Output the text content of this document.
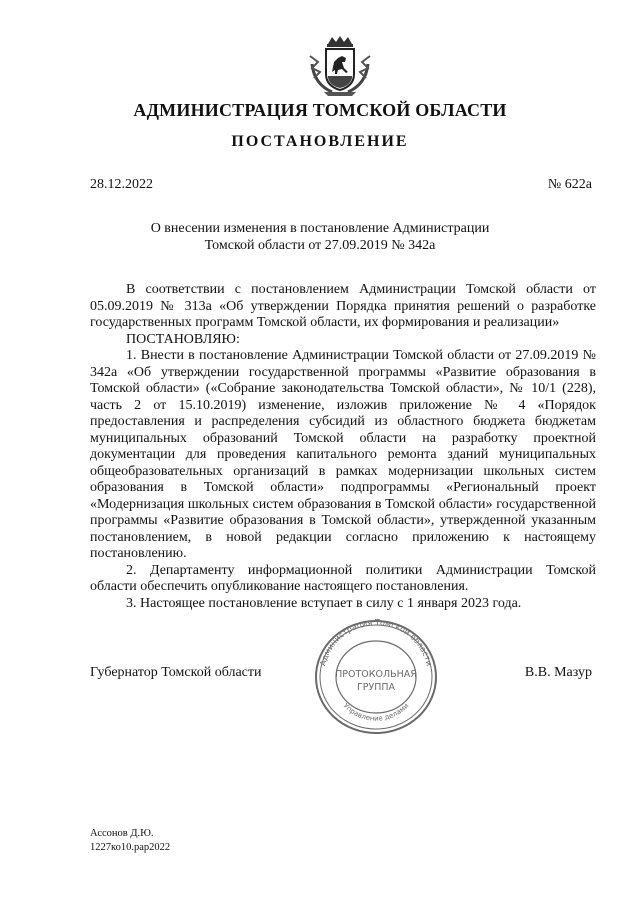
АДМИНИСТРАЦИЯ ТОМСКОЙ ОБЛАСТИ
ПОСТАНОВЛЕНИЕ
28.12.2022	№ 622а
О внесении изменения в постановление Администрации
Томской области от 27.09.2019 № 342а

В соответствии с постановлением Администрации Томской области от 05.09.2019 № 313а «Об утверждении Порядка принятия решений о разработке государственных программ Томской области, их формирования и реализации»

ПОСТАНОВЛЯЮ:

1. Внести в постановление Администрации Томской области от 27.09.2019 № 342а «Об утверждении государственной программы «Развитие образования в Томской области» («Собрание законодательства Томской области», № 10/1 (228), часть 2 от 15.10.2019) изменение, изложив приложение № 4 «Порядок предоставления и распределения субсидий из областного бюджета бюджетам муниципальных образований Томской области на разработку проектной документации для проведения капитального ремонта зданий муниципальных общеобразовательных организаций в рамках модернизации школьных систем образования в Томской области» подпрограммы «Региональный проект «Модернизация школьных систем образования в Томской области» государственной программы «Развитие образования в Томской области», утвержденной указанным постановлением, в новой редакции согласно приложению к настоящему постановлению.

2. Департаменту информационной политики Администрации Томской области обеспечить опубликование настоящего постановления.

3. Настоящее постановление вступает в силу с 1 января 2023 года.

Губернатор Томской области	В.В. Мазур
Администрация Томской области
Управление делами
ПРОТОКОЛЬНАЯ
ГРУППА
Ассонов Д.Ю.
1227ко10.рар2022
